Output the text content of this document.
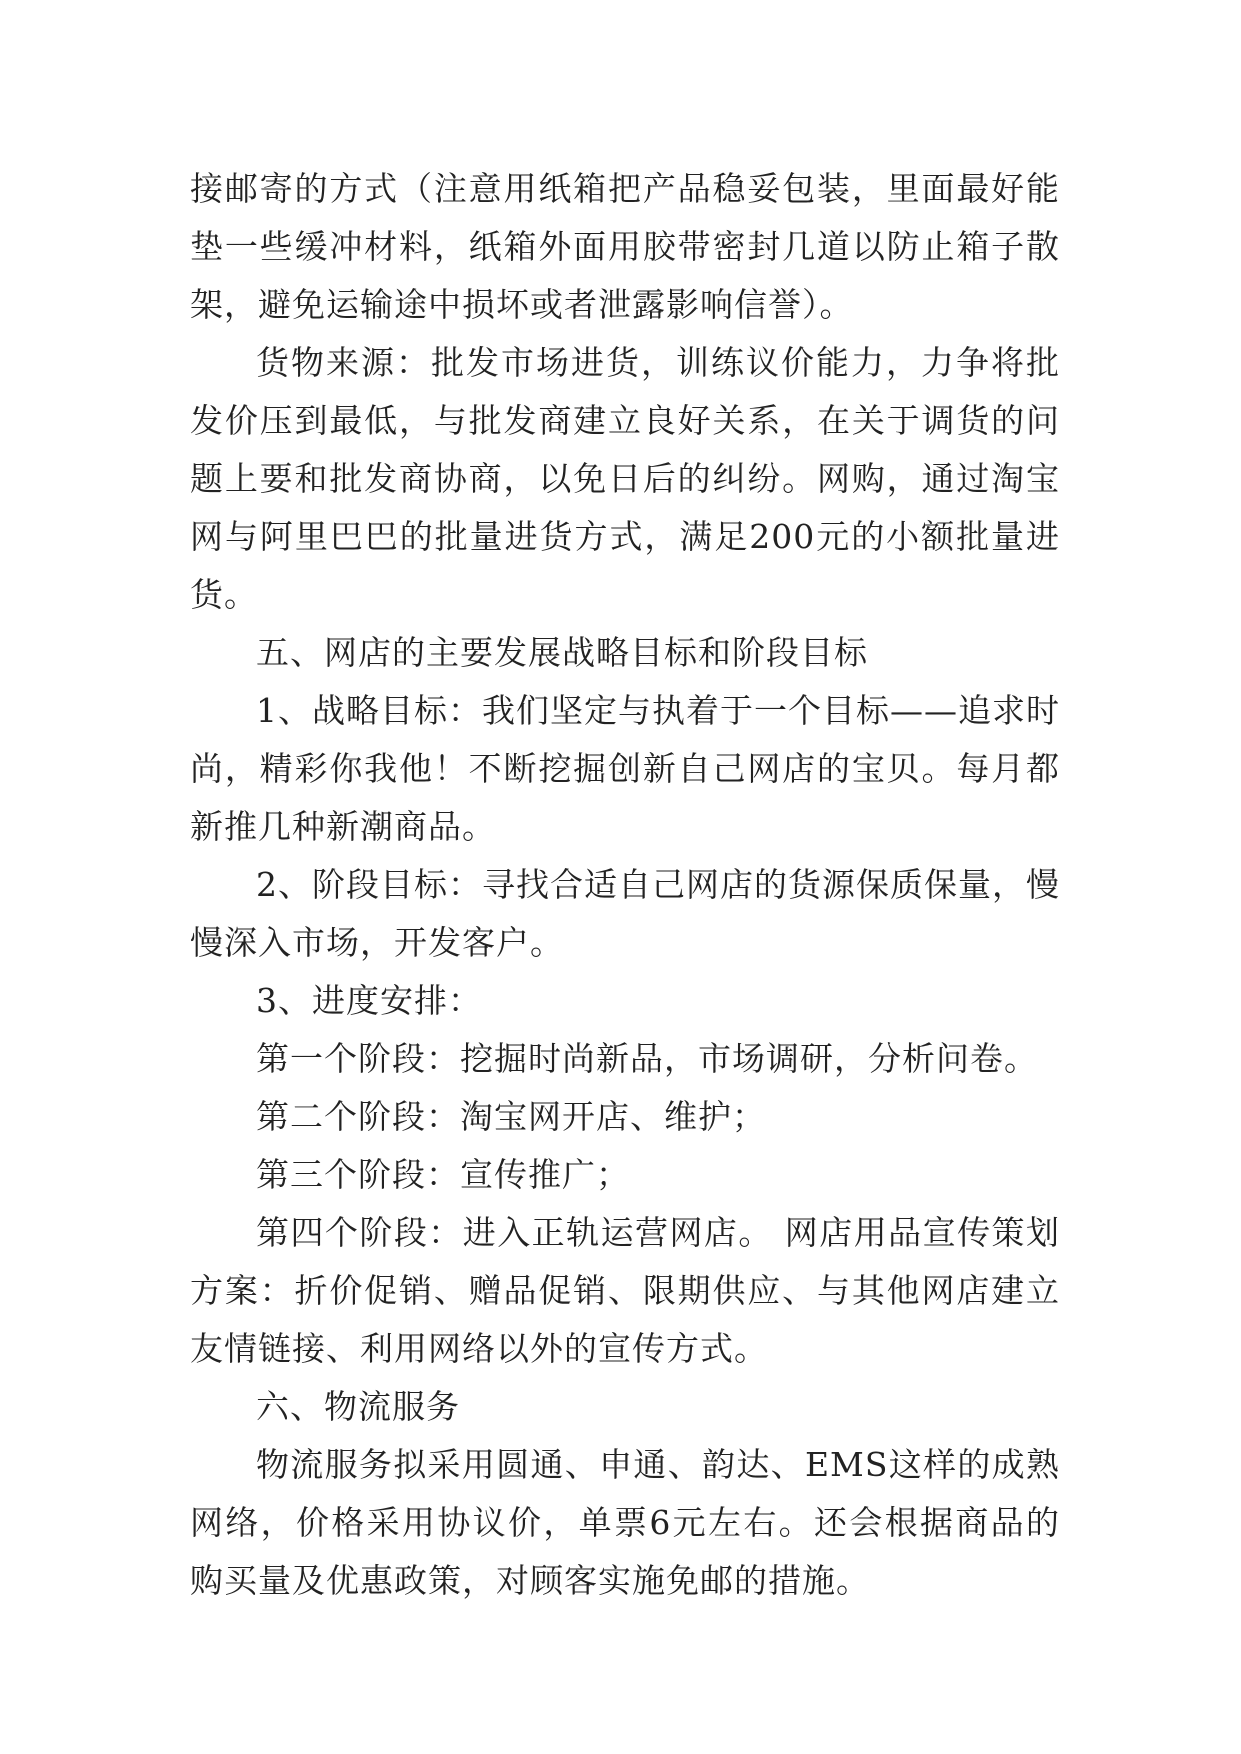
接邮寄的方式（注意用纸箱把产品稳妥包装，里面最好能垫一些缓冲材料，纸箱外面用胶带密封几道以防止箱子散架，避免运输途中损坏或者泄露影响信誉）。

货物来源：批发市场进货，训练议价能力，力争将批发价压到最低，与批发商建立良好关系，在关于调货的问题上要和批发商协商，以免日后的纠纷。网购，通过淘宝网与阿里巴巴的批量进货方式，满足200元的小额批量进货。

五、网店的主要发展战略目标和阶段目标

1、战略目标：我们坚定与执着于一个目标——追求时尚，精彩你我他！不断挖掘创新自己网店的宝贝。每月都新推几种新潮商品。

2、阶段目标：寻找合适自己网店的货源保质保量，慢慢深入市场，开发客户。

3、进度安排：

第一个阶段：挖掘时尚新品，市场调研，分析问卷。

第二个阶段：淘宝网开店、维护；

第三个阶段：宣传推广；

第四个阶段：进入正轨运营网店。 网店用品宣传策划方案：折价促销、赠品促销、限期供应、与其他网店建立友情链接、利用网络以外的宣传方式。

六、物流服务

物流服务拟采用圆通、申通、韵达、EMS这样的成熟网络，价格采用协议价，单票6元左右。还会根据商品的购买量及优惠政策，对顾客实施免邮的措施。
